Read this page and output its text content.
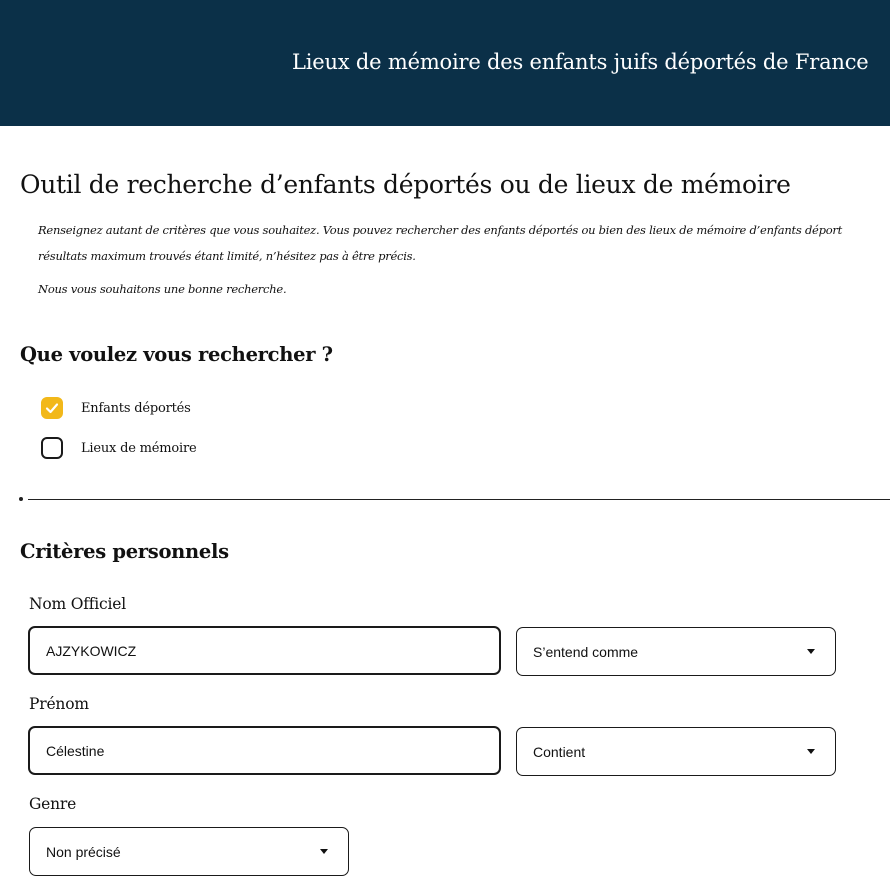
Lieux de mémoire des enfants juifs déportés de France
Outil de recherche d’enfants déportés ou de lieux de mémoire

Renseignez autant de critères que vous souhaitez. Vous pouvez rechercher des enfants déportés ou bien des lieux de mémoire d’enfants déport

résultats maximum trouvés étant limité, n’hésitez pas à être précis.

Nous vous souhaitons une bonne recherche.

Que voulez vous rechercher ?
Enfants déportés
Lieux de mémoire
Critères personnels
Nom Officiel
AJZYKOWICZ
S’entend comme
Prénom
Célestine
Contient
Genre
Non précisé
